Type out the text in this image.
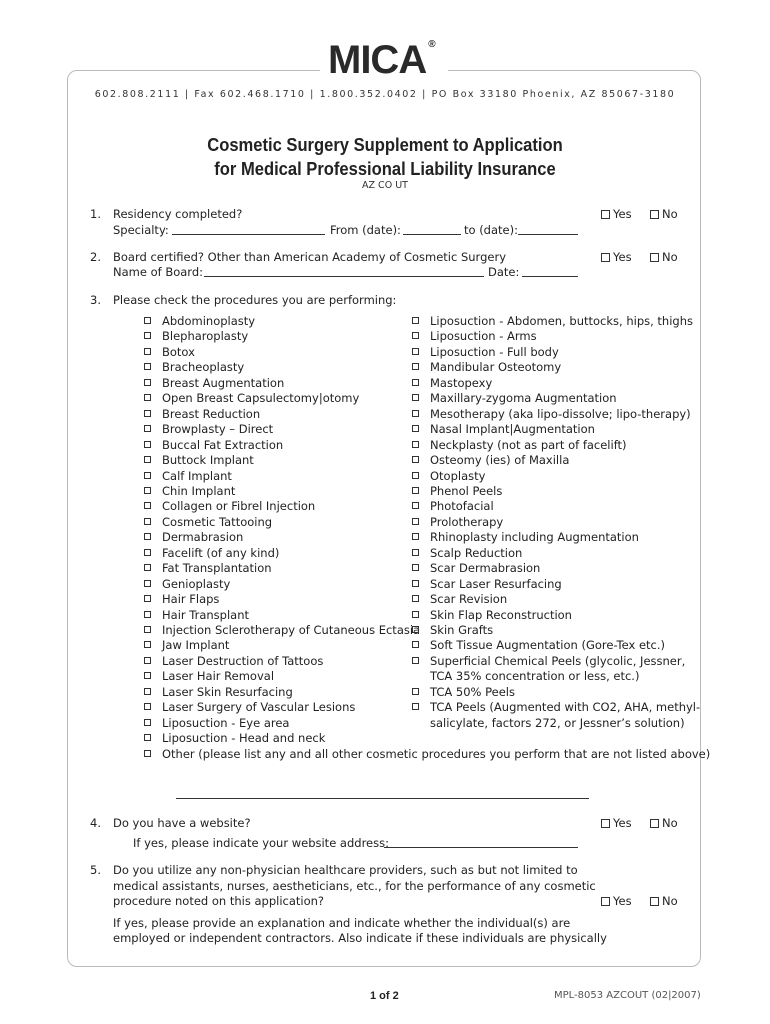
MICA ®
602.808.2111 | Fax 602.468.1710 | 1.800.352.0402 | PO Box 33180 Phoenix, AZ 85067-3180
Cosmetic Surgery Supplement to Application
for Medical Professional Liability Insurance
AZ CO UT
1. Residency completed?	Yes	No
Specialty:	From (date):	to (date):
2. Board certified? Other than American Academy of Cosmetic Surgery	Yes	No
Name of Board:	Date:
3. Please check the procedures you are performing:
Abdominoplasty
Blepharoplasty
Botox
Bracheoplasty
Breast Augmentation
Open Breast Capsulectomy|otomy
Breast Reduction
Browplasty – Direct
Buccal Fat Extraction
Buttock Implant
Calf Implant
Chin Implant
Collagen or Fibrel Injection
Cosmetic Tattooing
Dermabrasion
Facelift (of any kind)
Fat Transplantation
Genioplasty
Hair Flaps
Hair Transplant
Injection Sclerotherapy of Cutaneous Ectasia
Jaw Implant
Laser Destruction of Tattoos
Laser Hair Removal
Laser Skin Resurfacing
Laser Surgery of Vascular Lesions
Liposuction - Eye area
Liposuction - Head and neck
Other (please list any and all other cosmetic procedures you perform that are not listed above)
Liposuction - Abdomen, buttocks, hips, thighs
Liposuction - Arms
Liposuction - Full body
Mandibular Osteotomy
Mastopexy
Maxillary-zygoma Augmentation
Mesotherapy (aka lipo-dissolve; lipo-therapy)
Nasal Implant|Augmentation
Neckplasty (not as part of facelift)
Osteomy (ies) of Maxilla
Otoplasty
Phenol Peels
Photofacial
Prolotherapy
Rhinoplasty including Augmentation
Scalp Reduction
Scar Dermabrasion
Scar Laser Resurfacing
Scar Revision
Skin Flap Reconstruction
Skin Grafts
Soft Tissue Augmentation (Gore-Tex etc.)
Superficial Chemical Peels (glycolic, Jessner,
TCA 35% concentration or less, etc.)
TCA 50% Peels
TCA Peels (Augmented with CO2, AHA, methyl-
salicylate, factors 272, or Jessner’s solution)
4. Do you have a website?	Yes	No
If yes, please indicate your website address:
5. Do you utilize any non-physician healthcare providers, such as but not limited to
medical assistants, nurses, aestheticians, etc., for the performance of any cosmetic
procedure noted on this application?	Yes	No
If yes, please provide an explanation and indicate whether the individual(s) are
employed or independent contractors. Also indicate if these individuals are physically
1 of 2	MPL-8053 AZCOUT (02|2007)
